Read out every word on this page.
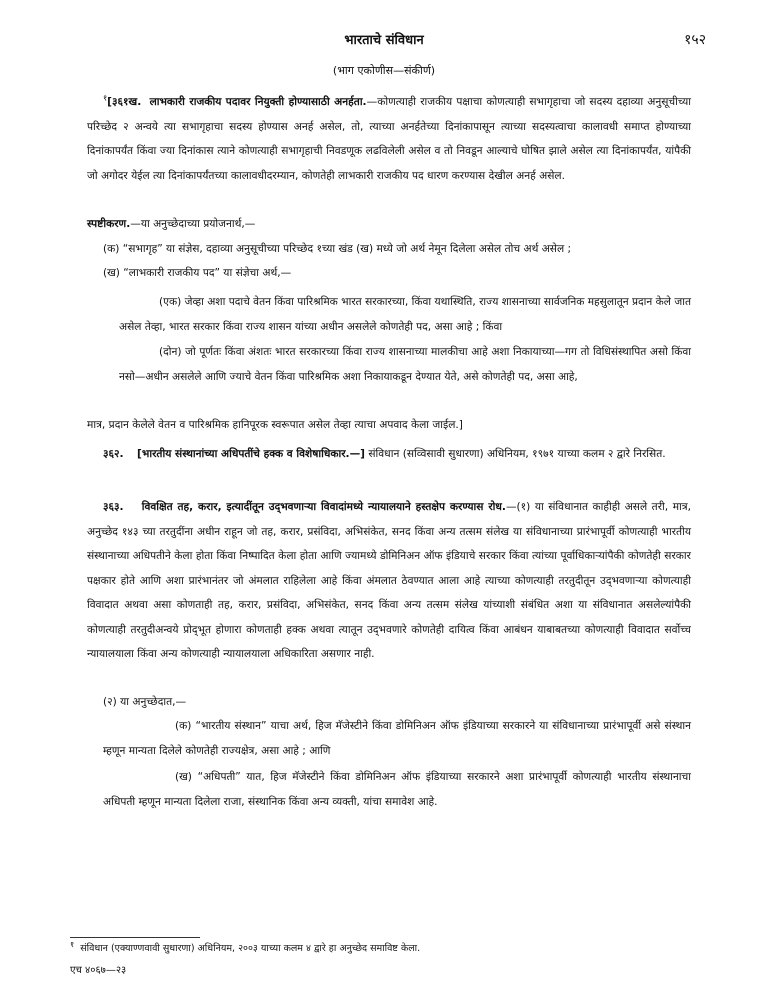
भारताचे संविधान	१५२
(भाग एकोणीस—संकीर्ण)

$^१$[३६१ख. लाभकारी राजकीय पदावर नियुक्ती होण्यासाठी अनर्हता.—कोणत्याही राजकीय पक्षाचा कोणत्याही सभागृहाचा जो सदस्य दहाव्या अनुसूचीच्या परिच्छेद २ अन्वये त्या सभागृहाचा सदस्य होण्यास अनर्ह असेल, तो, त्याच्या अनर्हतेच्या दिनांकापासून त्याच्या सदस्यत्वाचा कालावधी समाप्त होण्याच्या दिनांकापर्यंत किंवा ज्या दिनांकास त्याने कोणत्याही सभागृहाची निवडणूक लढविलेली असेल व तो निवडून आल्याचे घोषित झाले असेल त्या दिनांकापर्यंत, यांपैकी जो अगोदर येईल त्या दिनांकापर्यंतच्या कालावधीदरम्यान, कोणतेही लाभकारी राजकीय पद धारण करण्यास देखील अनर्ह असेल.

स्पष्टीकरण.—या अनुच्छेदाच्या प्रयोजनार्थ,—

(क) “सभागृह” या संज्ञेस, दहाव्या अनुसूचीच्या परिच्छेद १च्या खंड (ख) मध्ये जो अर्थ नेमून दिलेला असेल तोच अर्थ असेल ;

(ख) “लाभकारी राजकीय पद” या संज्ञेचा अर्थ,—

(एक) जेव्हा अशा पदाचे वेतन किंवा पारिश्रमिक भारत सरकारच्या, किंवा यथास्थिति, राज्य शासनाच्या सार्वजनिक महसुलातून प्रदान केले जात असेल तेव्हा, भारत सरकार किंवा राज्य शासन यांच्या अधीन असलेले कोणतेही पद, असा आहे ; किंवा

(दोन) जो पूर्णतः किंवा अंशतः भारत सरकारच्या किंवा राज्य शासनाच्या मालकीचा आहे अशा निकायाच्या—गग तो विधिसंस्थापित असो किंवा नसो—अधीन असलेले आणि ज्याचे वेतन किंवा पारिश्रमिक अशा निकायाकडून देण्यात येते, असे कोणतेही पद, असा आहे,

मात्र, प्रदान केलेले वेतन व पारिश्रमिक हानिपूरक स्वरूपात असेल तेव्हा त्याचा अपवाद केला जाईल.]

३६२. [भारतीय संस्थानांच्या अधिपतींचे हक्क व विशेषाधिकार.—] संविधान (सव्विसावी सुधारणा) अधिनियम, १९७१ याच्या कलम २ द्वारे निरसित.

३६३. विवक्षित तह, करार, इत्यादींतून उद्‌भवणाऱ्या विवादांमध्ये न्यायालयाने हस्तक्षेप करण्यास रोध.—(१) या संविधानात काहीही असले तरी, मात्र, अनुच्छेद १४३ च्या तरतुदींना अधीन राहून जो तह, करार, प्रसंविदा, अभिसंकेत, सनद किंवा अन्य तत्सम संलेख या संविधानाच्या प्रारंभापूर्वी कोणत्याही भारतीय संस्थानाच्या अधिपतीने केला होता किंवा निष्पादित केला होता आणि ज्यामध्ये डोमिनिअन ऑफ इंडियाचे सरकार किंवा त्यांच्या पूर्वाधिकाऱ्यांपैकी कोणतेही सरकार पक्षकार होते आणि अशा प्रारंभानंतर जो अंमलात राहिलेला आहे किंवा अंमलात ठेवण्यात आला आहे त्याच्या कोणत्याही तरतुदीतून उद्‌भवणाऱ्या कोणत्याही विवादात अथवा असा कोणताही तह, करार, प्रसंविदा, अभिसंकेत, सनद किंवा अन्य तत्सम संलेख यांच्याशी संबंधित अशा या संविधानात असलेल्यांपैकी कोणत्याही तरतुदीअन्वये प्रोद्‌भूत होणारा कोणताही हक्क अथवा त्यातून उद्‌भवणारे कोणतेही दायित्व किंवा आबंधन याबाबतच्या कोणत्याही विवादात सर्वोच्च न्यायालयाला किंवा अन्य कोणत्याही न्यायालयाला अधिकारिता असणार नाही.

(२) या अनुच्छेदात,—

(क) “भारतीय संस्थान” याचा अर्थ, हिज मॅजेस्टीने किंवा डोमिनिअन ऑफ इंडियाच्या सरकारने या संविधानाच्या प्रारंभापूर्वी असे संस्थान म्हणून मान्यता दिलेले कोणतेही राज्यक्षेत्र, असा आहे ; आणि

(ख) “अधिपती” यात, हिज मॅजेस्टीने किंवा डोमिनिअन ऑफ इंडियाच्या सरकारने अशा प्रारंभापूर्वी कोणत्याही भारतीय संस्थानाचा अधिपती म्हणून मान्यता दिलेला राजा, संस्थानिक किंवा अन्य व्यक्ती, यांचा समावेश आहे.

$^१$ संविधान (एक्याण्णवावी सुधारणा) अधिनियम, २००३ याच्या कलम ४ द्वारे हा अनुच्छेद समाविष्ट केला.
एच ४०६७—२३
